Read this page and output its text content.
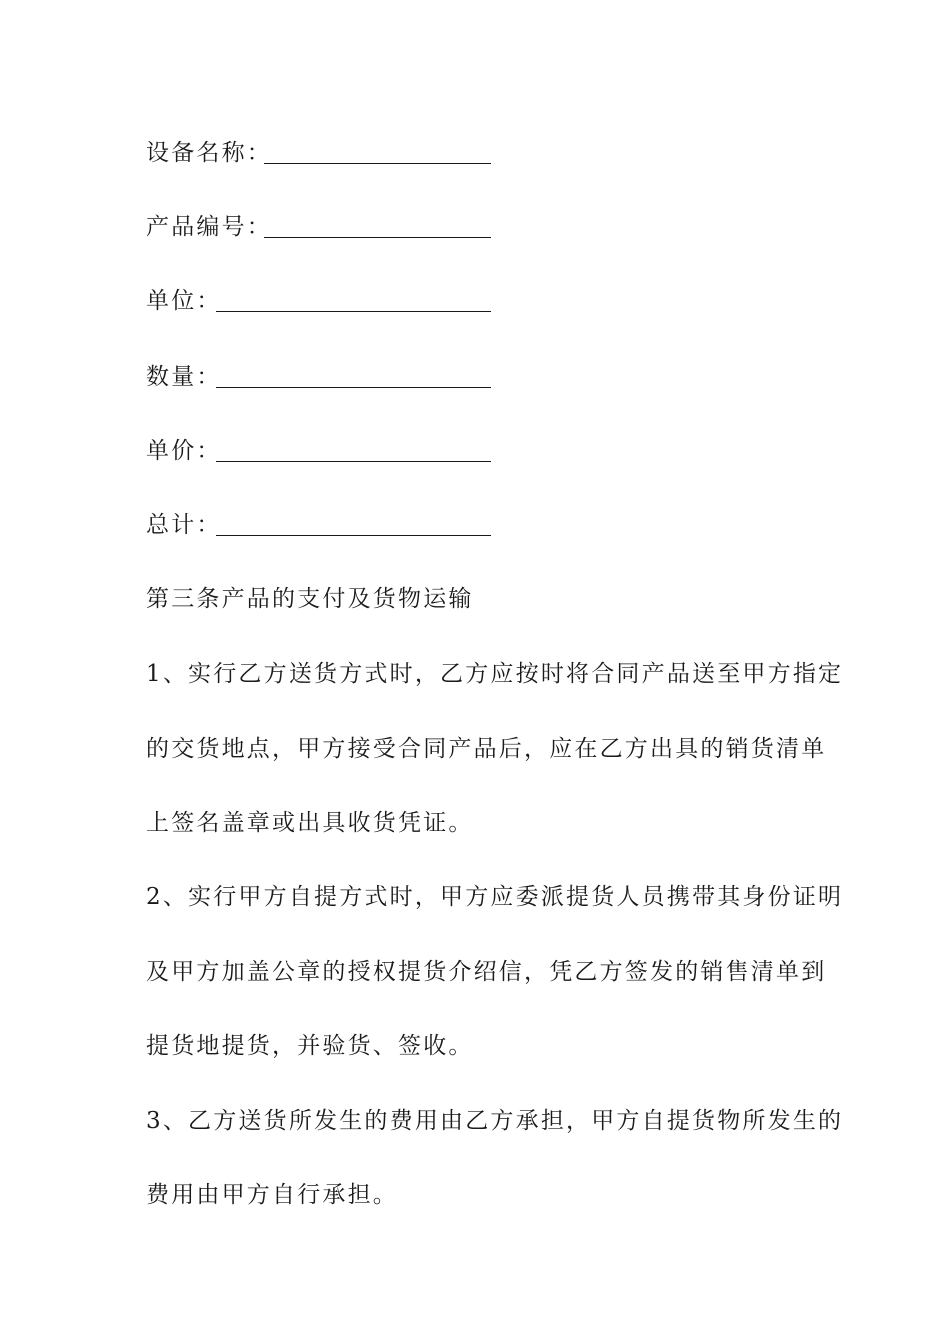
设备名称：
产品编号：
单位：
数量：
单价：
总计：
第三条产品的支付及货物运输
1、实行乙方送货方式时，乙方应按时将合同产品送至甲方指定
的交货地点，甲方接受合同产品后，应在乙方出具的销货清单
上签名盖章或出具收货凭证。
2、实行甲方自提方式时，甲方应委派提货人员携带其身份证明
及甲方加盖公章的授权提货介绍信，凭乙方签发的销售清单到
提货地提货，并验货、签收。
3、乙方送货所发生的费用由乙方承担，甲方自提货物所发生的
费用由甲方自行承担。
